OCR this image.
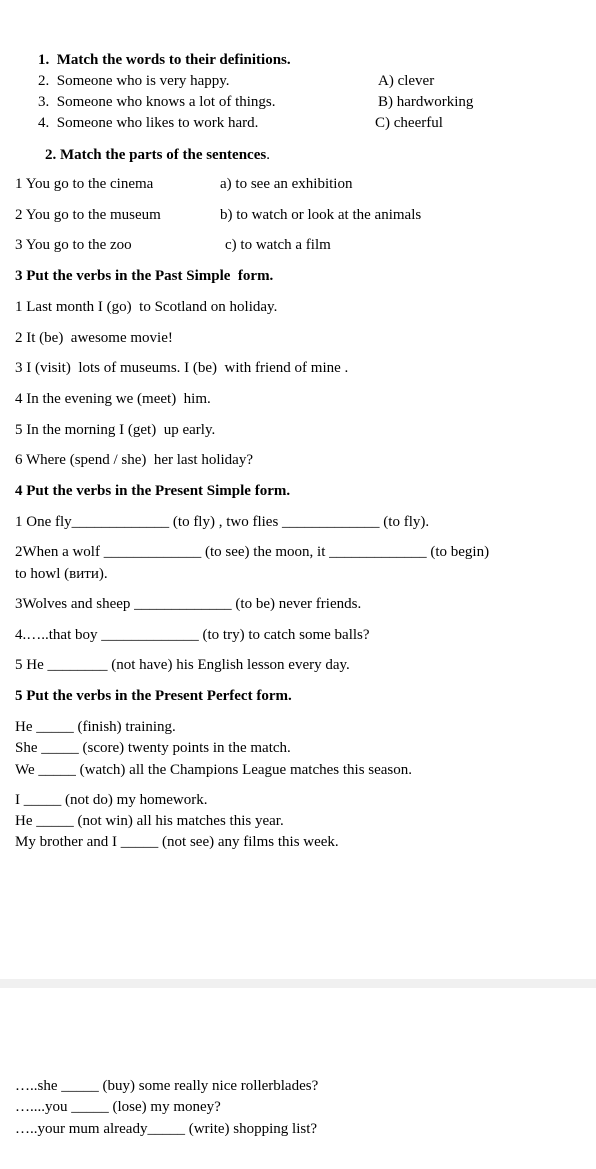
1.  Match the words to their definitions.
2.  Someone who is very happy.
3.  Someone who knows a lot of things.
4.  Someone who likes to work hard.
A) clever
B) hardworking
C) cheerful
2. Match the parts of the sentences.
1 You go to the cinema
2 You go to the museum
3 You go to the zoo
a) to see an exhibition
b) to watch or look at the animals
c) to watch a film
3 Put the verbs in the Past Simple  form.
1 Last month I (go)  to Scotland on holiday.
2 It (be)  awesome movie!
3 I (visit)  lots of museums. I (be)  with friend of mine .
4 In the evening we (meet)  him.
5 In the morning I (get)  up early.
6 Where (spend / she)  her last holiday?
4 Put the verbs in the Present Simple form.
1 One fly_____________ (to fly) , two flies _____________ (to fly).
2When a wolf _____________ (to see) the moon, it _____________ (to begin)
to howl (вити).
3Wolves and sheep _____________ (to be) never friends.
4.…..that boy _____________ (to try) to catch some balls?
5 He ________ (not have) his English lesson every day.
5 Put the verbs in the Present Perfect form.
He _____ (finish) training.
She _____ (score) twenty points in the match.
We _____ (watch) all the Champions League matches this season.
I _____ (not do) my homework.
He _____ (not win) all his matches this year.
My brother and I _____ (not see) any films this week.
…..she _____ (buy) some really nice rollerblades?
…....you _____ (lose) my money?
…..your mum already_____ (write) shopping list?
